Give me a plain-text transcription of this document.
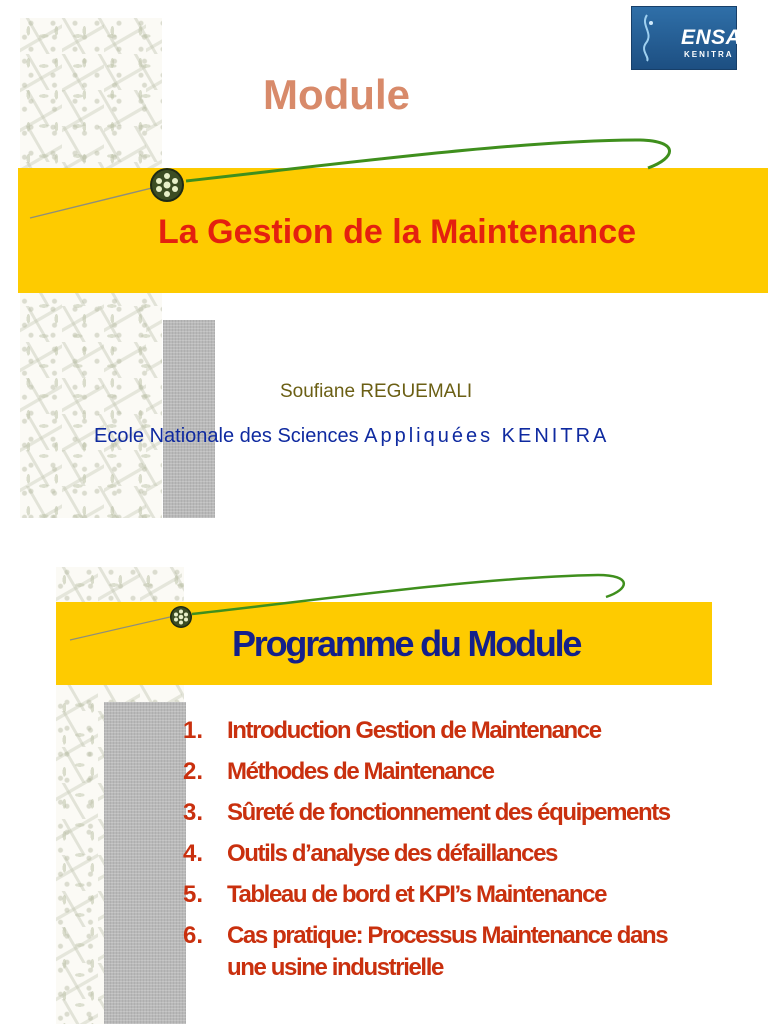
ENSA
KENITRA
Module
La Gestion de la Maintenance
Soufiane REGUEMALI
Ecole Nationale des Sciences Appliquées KENITRA
Programme du Module
1. Introduction Gestion de Maintenance
2. Méthodes de Maintenance
3. Sûreté de fonctionnement des équipements
4. Outils d’analyse des défaillances
5. Tableau de bord et KPI’s Maintenance
6. Cas pratique: Processus Maintenance dans
une usine industrielle
